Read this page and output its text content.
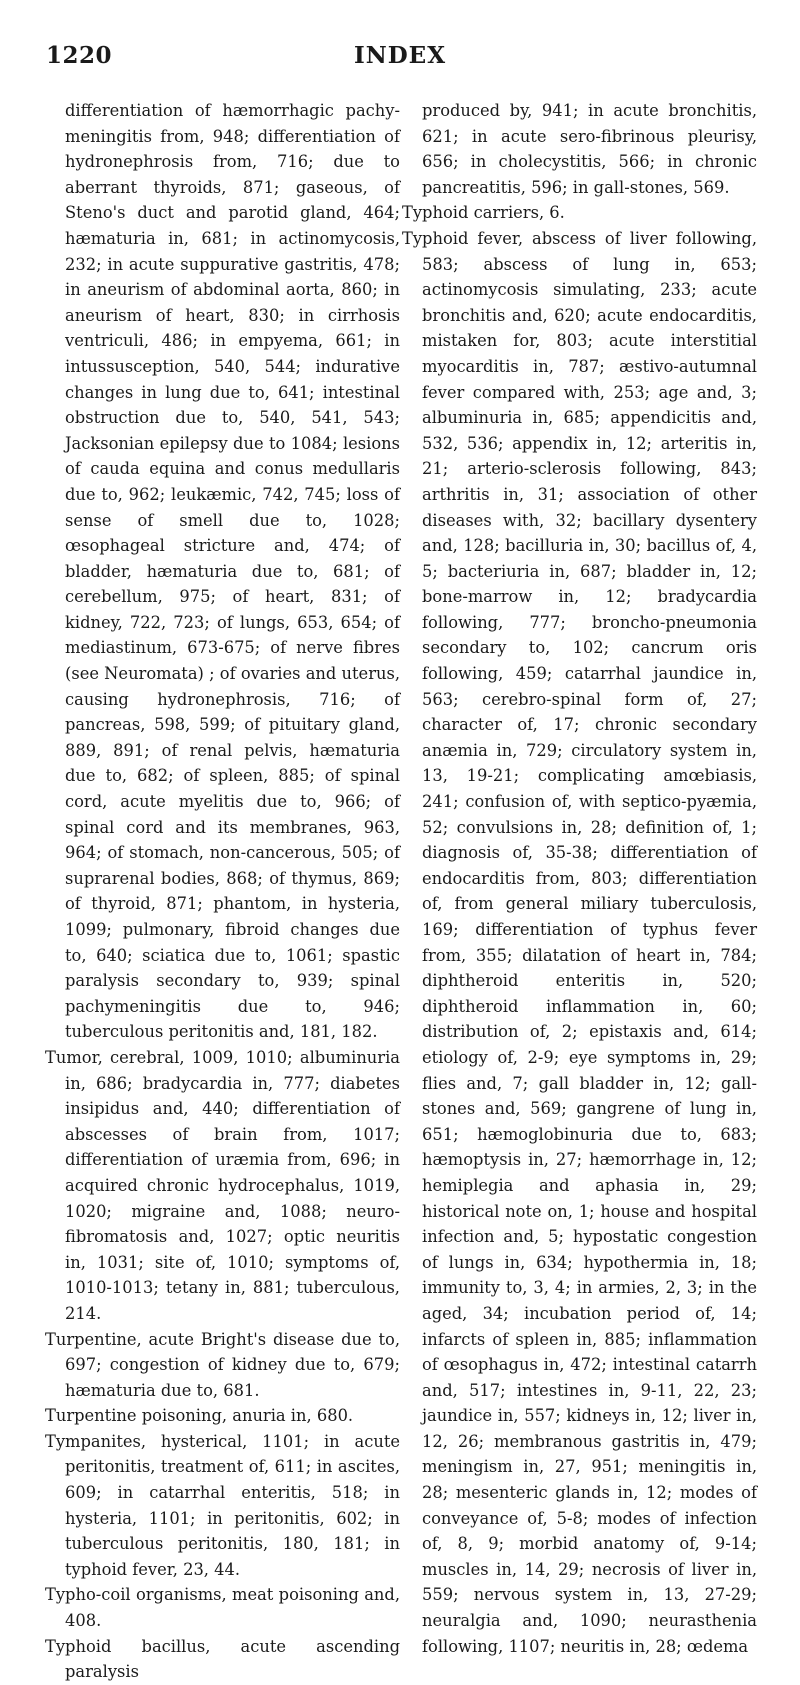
1220	INDEX

differentiation of hæmorrhagic pachy-meningitis from, 948; differentiation of hydronephrosis from, 716; due to aberrant thyroids, 871; gaseous, of Steno's duct and parotid gland, 464; hæmaturia in, 681; in actinomycosis, 232; in acute suppurative gastritis, 478; in aneurism of abdominal aorta, 860; in aneurism of heart, 830; in cirrhosis ventriculi, 486; in empyema, 661; in intussusception, 540, 544; indurative changes in lung due to, 641; intestinal obstruction due to, 540, 541, 543; Jacksonian epilepsy due to 1084; lesions of cauda equina and conus medullaris due to, 962; leukæmic, 742, 745; loss of sense of smell due to, 1028; œsophageal stricture and, 474; of bladder, hæmaturia due to, 681; of cerebellum, 975; of heart, 831; of kidney, 722, 723; of lungs, 653, 654; of mediastinum, 673-675; of nerve fibres (see Neuromata) ; of ovaries and uterus, causing hydronephrosis, 716; of pancreas, 598, 599; of pituitary gland, 889, 891; of renal pelvis, hæmaturia due to, 682; of spleen, 885; of spinal cord, acute myelitis due to, 966; of spinal cord and its membranes, 963, 964; of stomach, non-cancerous, 505; of suprarenal bodies, 868; of thymus, 869; of thyroid, 871; phantom, in hysteria, 1099; pulmonary, fibroid changes due to, 640; sciatica due to, 1061; spastic paralysis secondary to, 939; spinal pachymeningitis due to, 946; tuberculous peritonitis and, 181, 182.

Tumor, cerebral, 1009, 1010; albuminuria in, 686; bradycardia in, 777; diabetes insipidus and, 440; differentiation of abscesses of brain from, 1017; differentiation of uræmia from, 696; in acquired chronic hydrocephalus, 1019, 1020; migraine and, 1088; neuro-fibromatosis and, 1027; optic neuritis in, 1031; site of, 1010; symptoms of, 1010-1013; tetany in, 881; tuberculous, 214.

Turpentine, acute Bright's disease due to, 697; congestion of kidney due to, 679; hæmaturia due to, 681.

Turpentine poisoning, anuria in, 680.

Tympanites, hysterical, 1101; in acute peritonitis, treatment of, 611; in ascites, 609; in catarrhal enteritis, 518; in hysteria, 1101; in peritonitis, 602; in tuberculous peritonitis, 180, 181; in typhoid fever, 23, 44.

Typho-coil organisms, meat poisoning and, 408.

Typhoid bacillus, acute ascending paralysis

produced by, 941; in acute bronchitis, 621; in acute sero-fibrinous pleurisy, 656; in cholecystitis, 566; in chronic pancreatitis, 596; in gall-stones, 569.

Typhoid carriers, 6.

Typhoid fever, abscess of liver following, 583; abscess of lung in, 653; actinomycosis simulating, 233; acute bronchitis and, 620; acute endocarditis, mistaken for, 803; acute interstitial myocarditis in, 787; æstivo-autumnal fever compared with, 253; age and, 3; albuminuria in, 685; appendicitis and, 532, 536; appendix in, 12; arteritis in, 21; arterio-sclerosis following, 843; arthritis in, 31; association of other diseases with, 32; bacillary dysentery and, 128; bacilluria in, 30; bacillus of, 4, 5; bacteriuria in, 687; bladder in, 12; bone-marrow in, 12; bradycardia following, 777; broncho-pneumonia secondary to, 102; cancrum oris following, 459; catarrhal jaundice in, 563; cerebro-spinal form of, 27; character of, 17; chronic secondary anæmia in, 729; circulatory system in, 13, 19-21; complicating amœbiasis, 241; confusion of, with septico-pyæmia, 52; convulsions in, 28; definition of, 1; diagnosis of, 35-38; differentiation of endocarditis from, 803; differentiation of, from general miliary tuberculosis, 169; differentiation of typhus fever from, 355; dilatation of heart in, 784; diphtheroid enteritis in, 520; diphtheroid inflammation in, 60; distribution of, 2; epistaxis and, 614; etiology of, 2-9; eye symptoms in, 29; flies and, 7; gall bladder in, 12; gall-stones and, 569; gangrene of lung in, 651; hæmoglobinuria due to, 683; hæmoptysis in, 27; hæmorrhage in, 12; hemiplegia and aphasia in, 29; historical note on, 1; house and hospital infection and, 5; hypostatic congestion of lungs in, 634; hypothermia in, 18; immunity to, 3, 4; in armies, 2, 3; in the aged, 34; incubation period of, 14; infarcts of spleen in, 885; inflammation of œsophagus in, 472; intestinal catarrh and, 517; intestines in, 9-11, 22, 23; jaundice in, 557; kidneys in, 12; liver in, 12, 26; membranous gastritis in, 479; meningism in, 27, 951; meningitis in, 28; mesenteric glands in, 12; modes of conveyance of, 5-8; modes of infection of, 8, 9; morbid anatomy of, 9-14; muscles in, 14, 29; necrosis of liver in, 559; nervous system in, 13, 27-29; neuralgia and, 1090; neurasthenia following, 1107; neuritis in, 28; œdema
